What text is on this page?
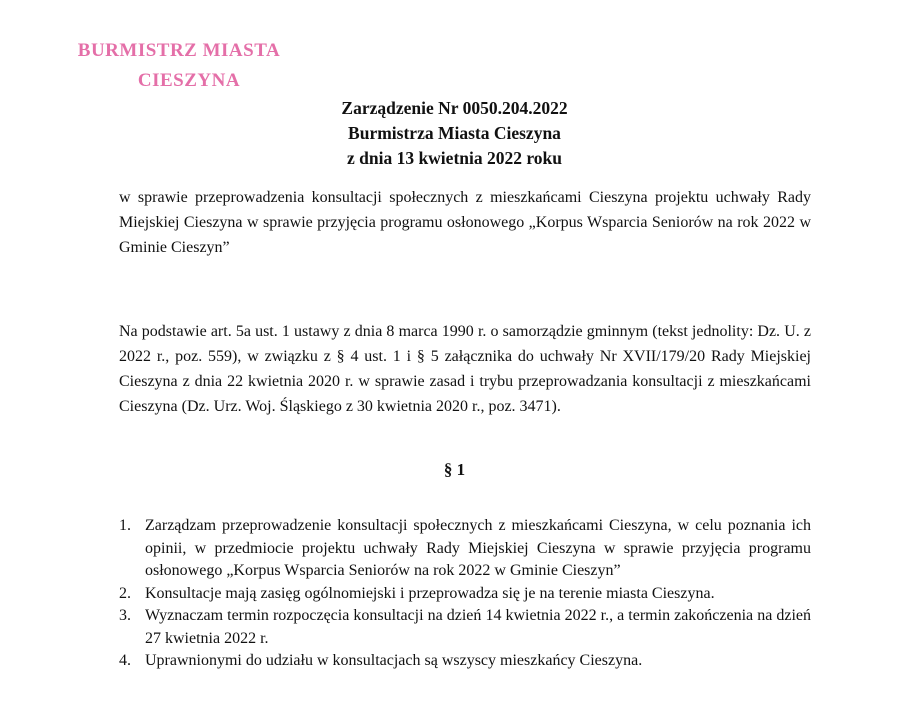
BURMISTRZ MIASTA
CIESZYNA
Zarządzenie Nr 0050.204.2022
Burmistrza Miasta Cieszyna
z dnia 13 kwietnia 2022 roku

w sprawie przeprowadzenia konsultacji społecznych z mieszkańcami Cieszyna projektu uchwały Rady Miejskiej Cieszyna w sprawie przyjęcia programu osłonowego „Korpus Wsparcia Seniorów na rok 2022 w Gminie Cieszyn”

Na podstawie art. 5a ust. 1 ustawy z dnia 8 marca 1990 r. o samorządzie gminnym (tekst jednolity: Dz. U. z 2022 r., poz. 559), w związku z § 4 ust. 1 i § 5 załącznika do uchwały Nr XVII/179/20 Rady Miejskiej Cieszyna z dnia 22 kwietnia 2020 r. w sprawie zasad i trybu przeprowadzania konsultacji z mieszkańcami Cieszyna (Dz. Urz. Woj. Śląskiego z 30 kwietnia 2020 r., poz. 3471).

§ 1
1. Zarządzam przeprowadzenie konsultacji społecznych z mieszkańcami Cieszyna, w celu poznania ich opinii, w przedmiocie projektu uchwały Rady Miejskiej Cieszyna w sprawie przyjęcia programu osłonowego „Korpus Wsparcia Seniorów na rok 2022 w Gminie Cieszyn”
2. Konsultacje mają zasięg ogólnomiejski i przeprowadza się je na terenie miasta Cieszyna.
3. Wyznaczam termin rozpoczęcia konsultacji na dzień 14 kwietnia 2022 r., a termin zakończenia na dzień 27 kwietnia 2022 r.
4. Uprawnionymi do udziału w konsultacjach są wszyscy mieszkańcy Cieszyna.
